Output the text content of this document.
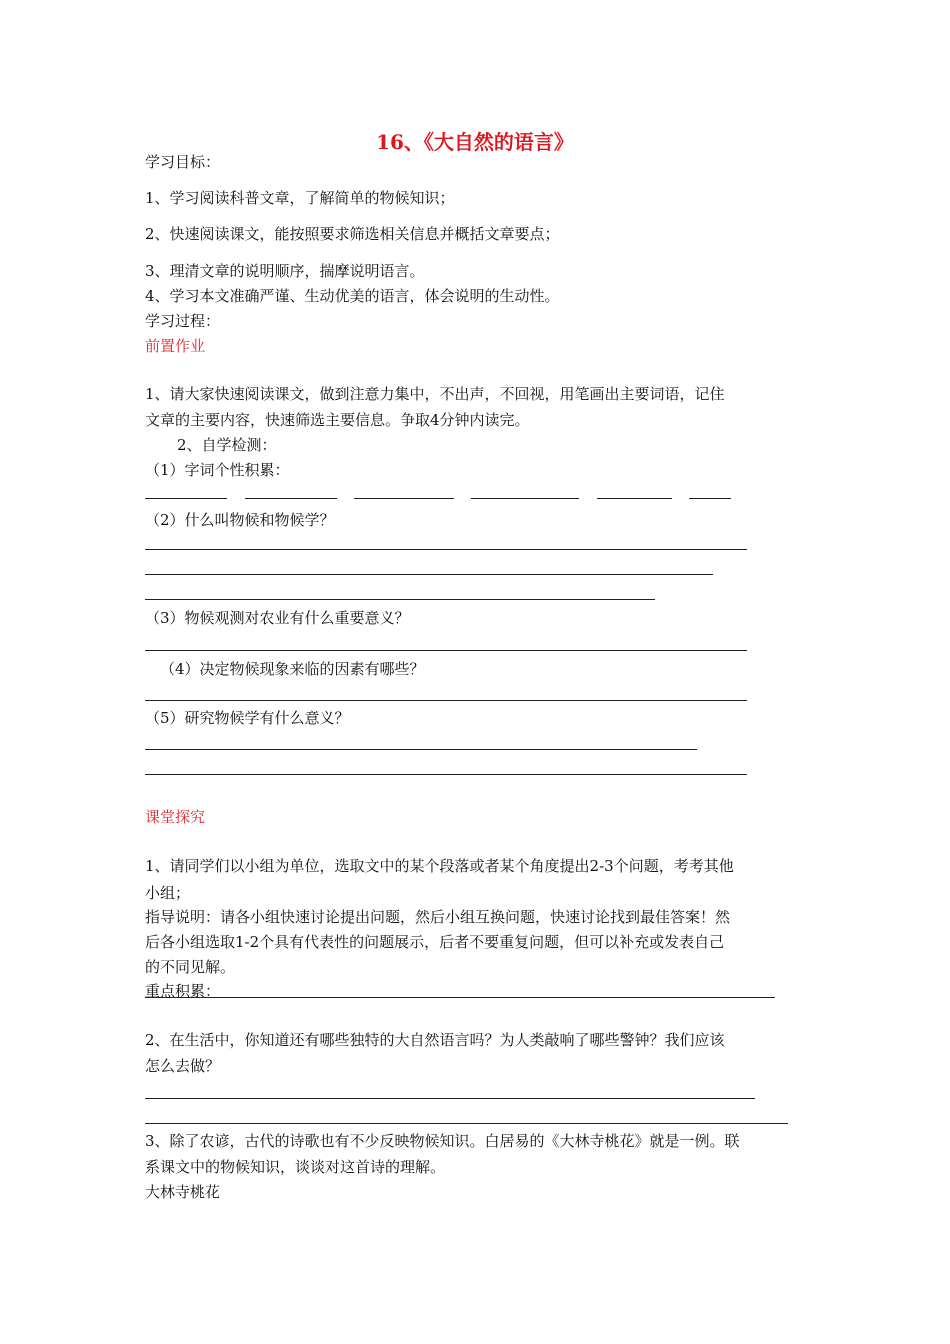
16、《大自然的语言》
学习目标：
1、学习阅读科普文章，了解简单的物候知识；
2、快速阅读课文，能按照要求筛选相关信息并概括文章要点；
3、理清文章的说明顺序，揣摩说明语言。
4、学习本文准确严谨、生动优美的语言，体会说明的生动性。
学习过程：
前置作业
1、请大家快速阅读课文，做到注意力集中，不出声，不回视，用笔画出主要词语，记住
文章的主要内容，快速筛选主要信息。争取4分钟内读完。
2、自学检测：
（1）字词个性积累：
（2）什么叫物候和物候学？
（3）物候观测对农业有什么重要意义？
（4）决定物候现象来临的因素有哪些？
（5）研究物候学有什么意义？
课堂探究
1、请同学们以小组为单位，选取文中的某个段落或者某个角度提出2-3个问题，考考其他
小组；
指导说明：请各小组快速讨论提出问题，然后小组互换问题，快速讨论找到最佳答案！然
后各小组选取1-2个具有代表性的问题展示，后者不要重复问题，但可以补充或发表自己
的不同见解。
重点积累：
2、在生活中，你知道还有哪些独特的大自然语言吗？为人类敲响了哪些警钟？我们应该
怎么去做？
3、除了农谚，古代的诗歌也有不少反映物候知识。白居易的《大林寺桃花》就是一例。联
系课文中的物候知识，谈谈对这首诗的理解。
大林寺桃花
